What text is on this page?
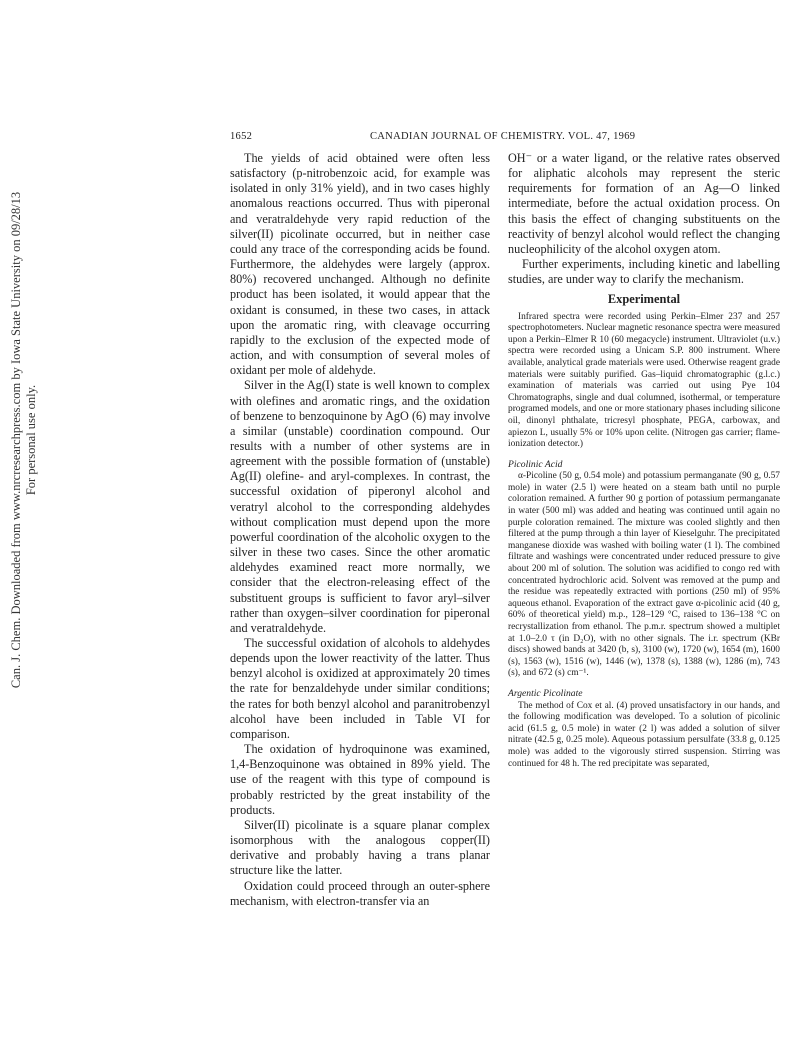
Can. J. Chem. Downloaded from www.nrcresearchpress.com by Iowa State University on 09/28/13 For personal use only.
1652	CANADIAN JOURNAL OF CHEMISTRY. VOL. 47, 1969

The yields of acid obtained were often less satisfactory (p-nitrobenzoic acid, for example was isolated in only 31% yield), and in two cases highly anomalous reactions occurred. Thus with piperonal and veratraldehyde very rapid reduction of the silver(II) picolinate occurred, but in neither case could any trace of the corresponding acids be found. Furthermore, the aldehydes were largely (approx. 80%) recovered unchanged. Although no definite product has been isolated, it would appear that the oxidant is consumed, in these two cases, in attack upon the aromatic ring, with cleavage occurring rapidly to the exclusion of the expected mode of action, and with consumption of several moles of oxidant per mole of aldehyde.

Silver in the Ag(I) state is well known to complex with olefines and aromatic rings, and the oxidation of benzene to benzoquinone by AgO (6) may involve a similar (unstable) coordination compound. Our results with a number of other systems are in agreement with the possible formation of (unstable) Ag(II) olefine- and aryl-complexes. In contrast, the successful oxidation of piperonyl alcohol and veratryl alcohol to the corresponding aldehydes without complication must depend upon the more powerful coordination of the alcoholic oxygen to the silver in these two cases. Since the other aromatic aldehydes examined react more normally, we consider that the electron-releasing effect of the substituent groups is sufficient to favor aryl–silver rather than oxygen–silver coordination for piperonal and veratraldehyde.

The successful oxidation of alcohols to aldehydes depends upon the lower reactivity of the latter. Thus benzyl alcohol is oxidized at approximately 20 times the rate for benzaldehyde under similar conditions; the rates for both benzyl alcohol and paranitrobenzyl alcohol have been included in Table VI for comparison.

The oxidation of hydroquinone was examined, 1,4-Benzoquinone was obtained in 89% yield. The use of the reagent with this type of compound is probably restricted by the great instability of the products.

Silver(II) picolinate is a square planar complex isomorphous with the analogous copper(II) derivative and probably having a trans planar structure like the latter.

Oxidation could proceed through an outer-sphere mechanism, with electron-transfer via an

OH⁻ or a water ligand, or the relative rates observed for aliphatic alcohols may represent the steric requirements for formation of an Ag—O linked intermediate, before the actual oxidation process. On this basis the effect of changing substituents on the reactivity of benzyl alcohol would reflect the changing nucleophilicity of the alcohol oxygen atom.

Further experiments, including kinetic and labelling studies, are under way to clarify the mechanism.

Experimental

Infrared spectra were recorded using Perkin–Elmer 237 and 257 spectrophotometers. Nuclear magnetic resonance spectra were measured upon a Perkin–Elmer R 10 (60 megacycle) instrument. Ultraviolet (u.v.) spectra were recorded using a Unicam S.P. 800 instrument. Where available, analytical grade materials were used. Otherwise reagent grade materials were suitably purified. Gas–liquid chromatographic (g.l.c.) examination of materials was carried out using Pye 104 Chromatographs, single and dual columned, isothermal, or temperature programed models, and one or more stationary phases including silicone oil, dinonyl phthalate, tricresyl phosphate, PEGA, carbowax, and apiezon L, usually 5% or 10% upon celite. (Nitrogen gas carrier; flame-ionization detector.)

Picolinic Acid

α-Picoline (50 g, 0.54 mole) and potassium permanganate (90 g, 0.57 mole) in water (2.5 l) were heated on a steam bath until no purple coloration remained. A further 90 g portion of potassium permanganate in water (500 ml) was added and heating was continued until again no purple coloration remained. The mixture was cooled slightly and then filtered at the pump through a thin layer of Kieselguhr. The precipitated manganese dioxide was washed with boiling water (1 l). The combined filtrate and washings were concentrated under reduced pressure to give about 200 ml of solution. The solution was acidified to congo red with concentrated hydrochloric acid. Solvent was removed at the pump and the residue was repeatedly extracted with portions (250 ml) of 95% aqueous ethanol. Evaporation of the extract gave α-picolinic acid (40 g, 60% of theoretical yield) m.p., 128–129 °C, raised to 136–138 °C on recrystallization from ethanol. The p.m.r. spectrum showed a multiplet at 1.0–2.0 τ (in D₂O), with no other signals. The i.r. spectrum (KBr discs) showed bands at 3420 (b, s), 3100 (w), 1720 (w), 1654 (m), 1600 (s), 1563 (w), 1516 (w), 1446 (w), 1378 (s), 1388 (w), 1286 (m), 743 (s), and 672 (s) cm⁻¹.

Argentic Picolinate

The method of Cox et al. (4) proved unsatisfactory in our hands, and the following modification was developed. To a solution of picolinic acid (61.5 g, 0.5 mole) in water (2 l) was added a solution of silver nitrate (42.5 g, 0.25 mole). Aqueous potassium persulfate (33.8 g, 0.125 mole) was added to the vigorously stirred suspension. Stirring was continued for 48 h. The red precipitate was separated,
